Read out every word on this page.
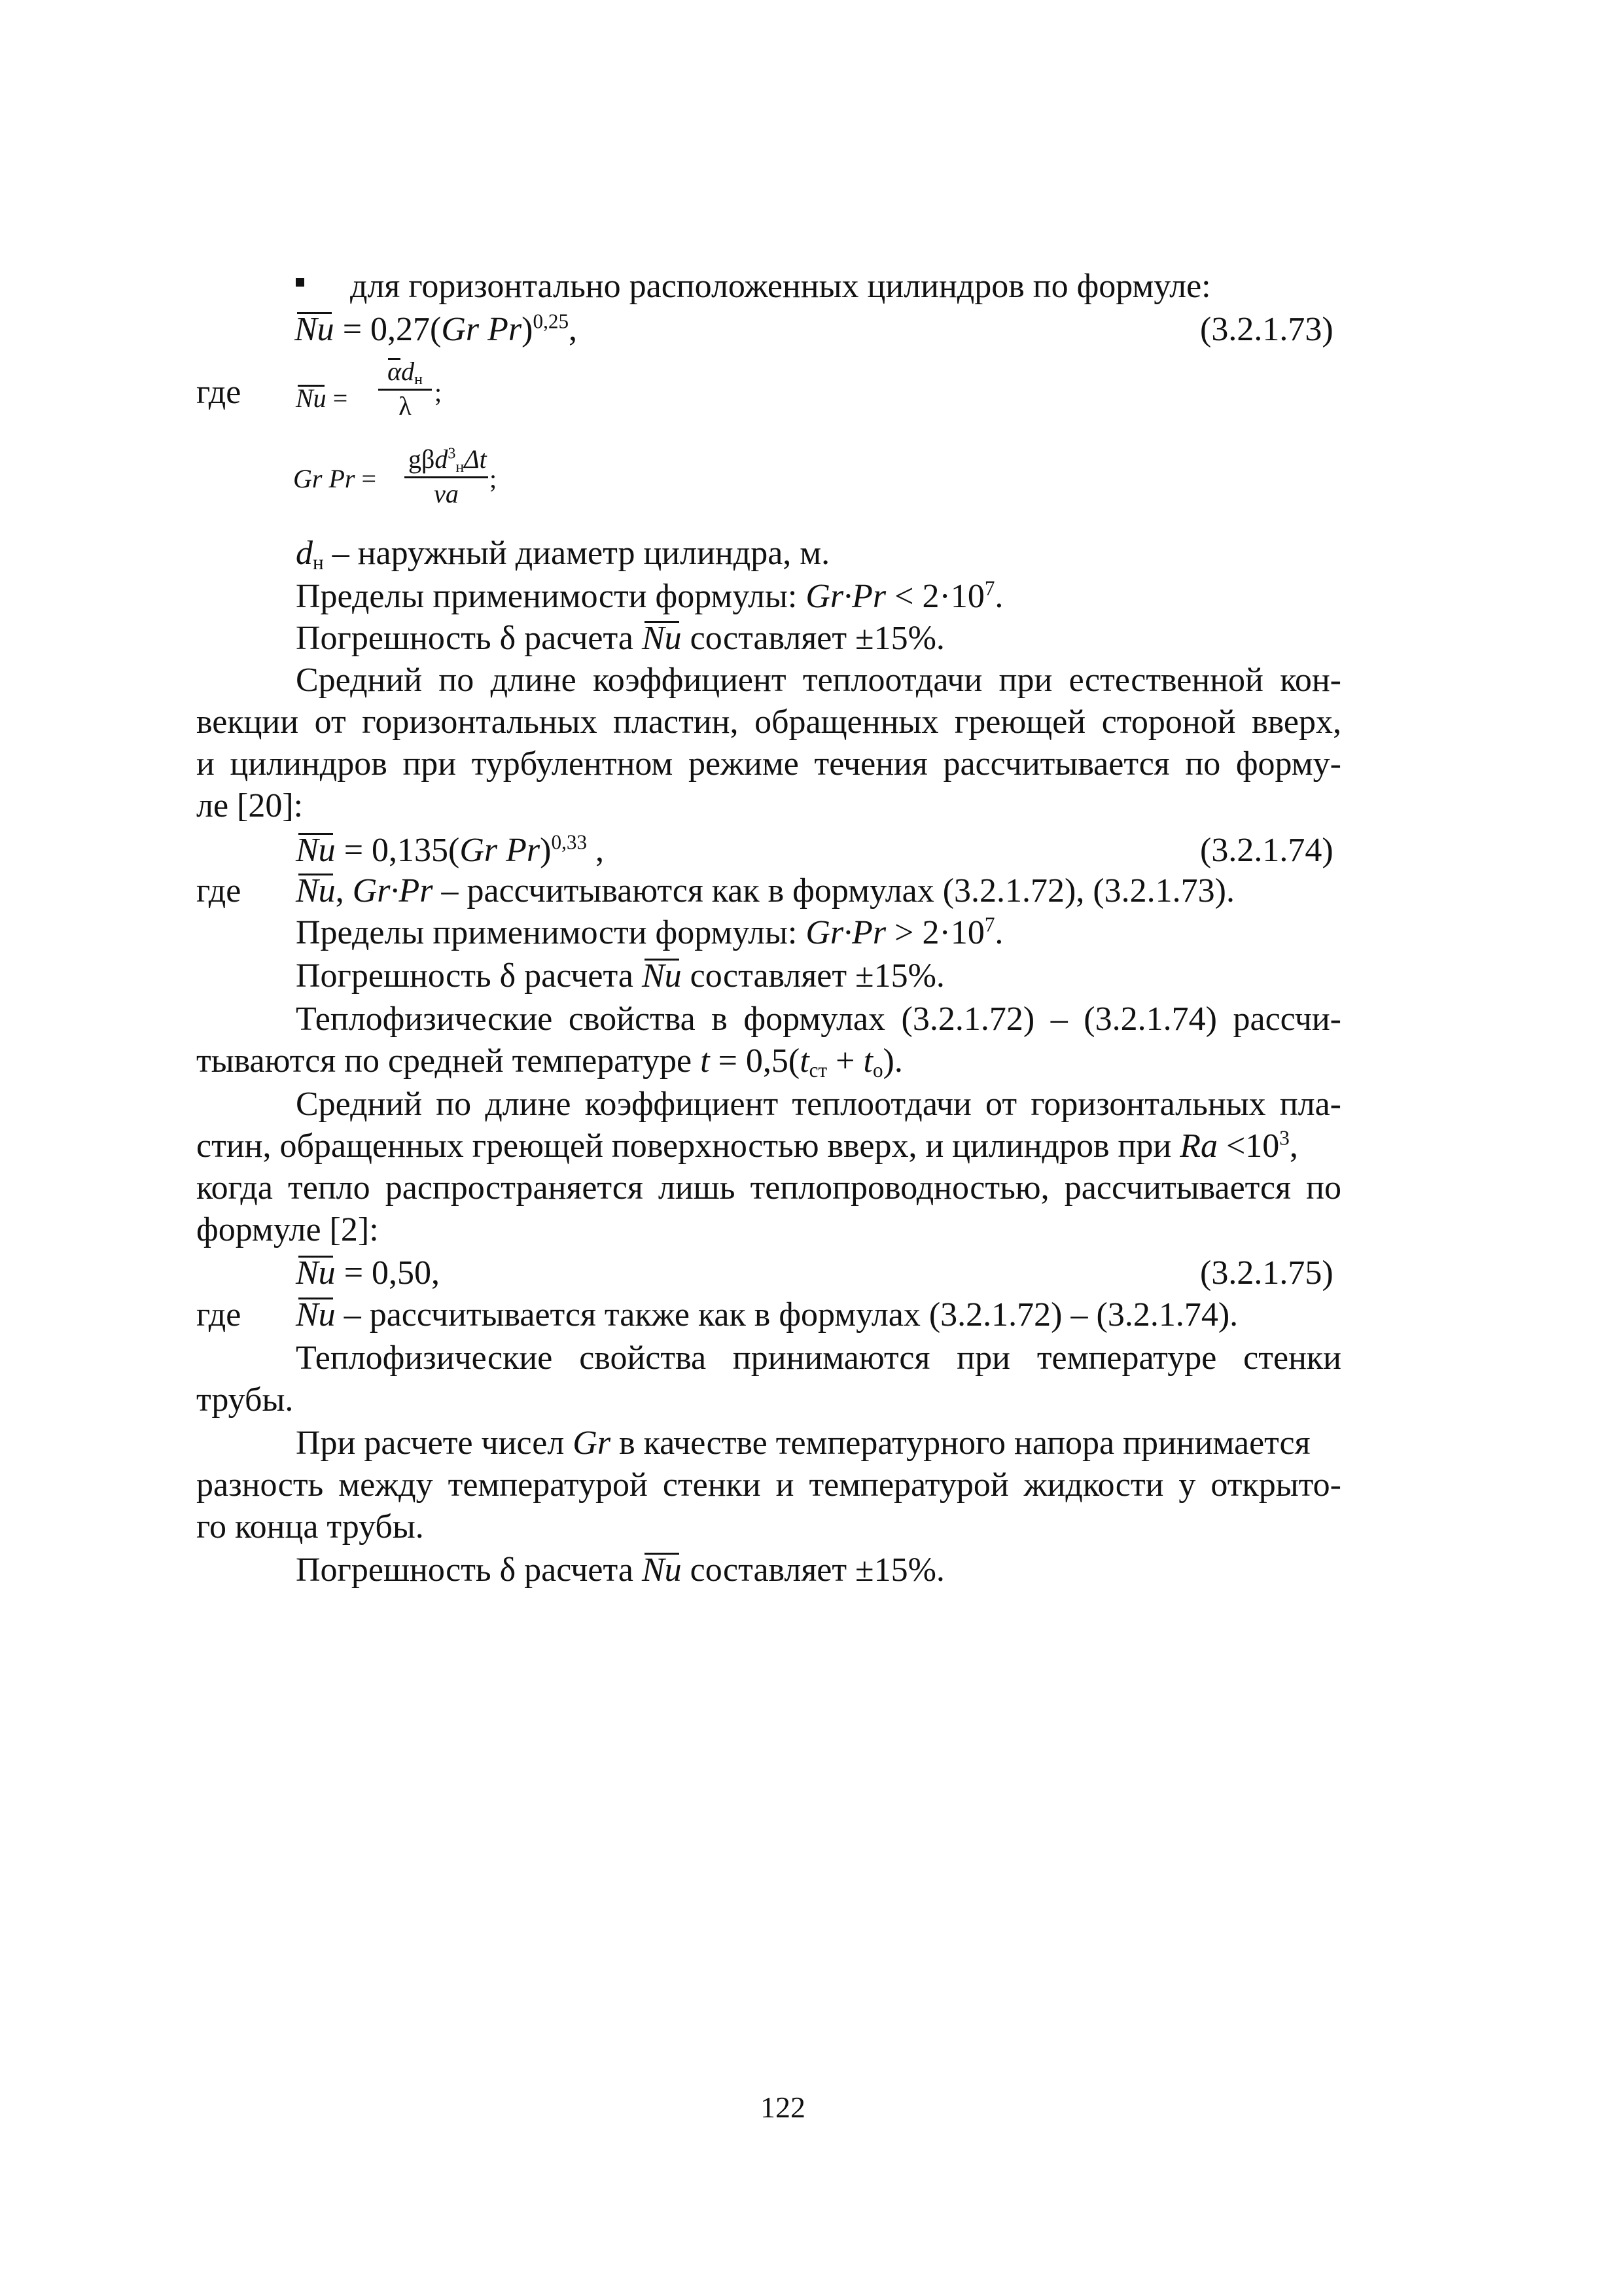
для горизонтально расположенных цилиндров по формуле:
Nu = 0,27(Gr Pr)$^{0,25}$,	(3.2.1.73)
где Nu =
$\alpha d_н$
λ ;
Gr Pr =
gβd$^3_н$Δt
νa
;
$d_н$ – наружный диаметр цилиндра, м.
Пределы применимости формулы: $Gr\cdot Pr < 2\cdot 10^7$.
Погрешность δ расчета Nu составляет ±15%.
Средний по длине коэффициент теплоотдачи при естественной кон-
векции от горизонтальных пластин, обращенных греющей стороной вверх,
и цилиндров при турбулентном режиме течения рассчитывается по форму-
ле [20]:
Nu = 0,135(Gr Pr)$^{0,33}$ ,	(3.2.1.74)
где Nu, Gr·Pr – рассчитываются как в формулах (3.2.1.72), (3.2.1.73).
Пределы применимости формулы: $Gr\cdot Pr > 2\cdot 10^7$.
Погрешность δ расчета Nu составляет ±15%.
Теплофизические свойства в формулах (3.2.1.72) – (3.2.1.74) рассчи-
тываются по средней температуре $t = 0,5(t_{ст} + t_о)$.
Средний по длине коэффициент теплоотдачи от горизонтальных пла-
стин, обращенных греющей поверхностью вверх, и цилиндров при $Ra <10^3$,
когда тепло распространяется лишь теплопроводностью, рассчитывается по
формуле [2]:
Nu = 0,50,	(3.2.1.75)
где Nu – рассчитывается также как в формулах (3.2.1.72) – (3.2.1.74).
Теплофизические свойства принимаются при температуре стенки
трубы.
При расчете чисел Gr в качестве температурного напора принимается
разность между температурой стенки и температурой жидкости у открыто-
го конца трубы.
Погрешность δ расчета Nu составляет ±15%.
122
